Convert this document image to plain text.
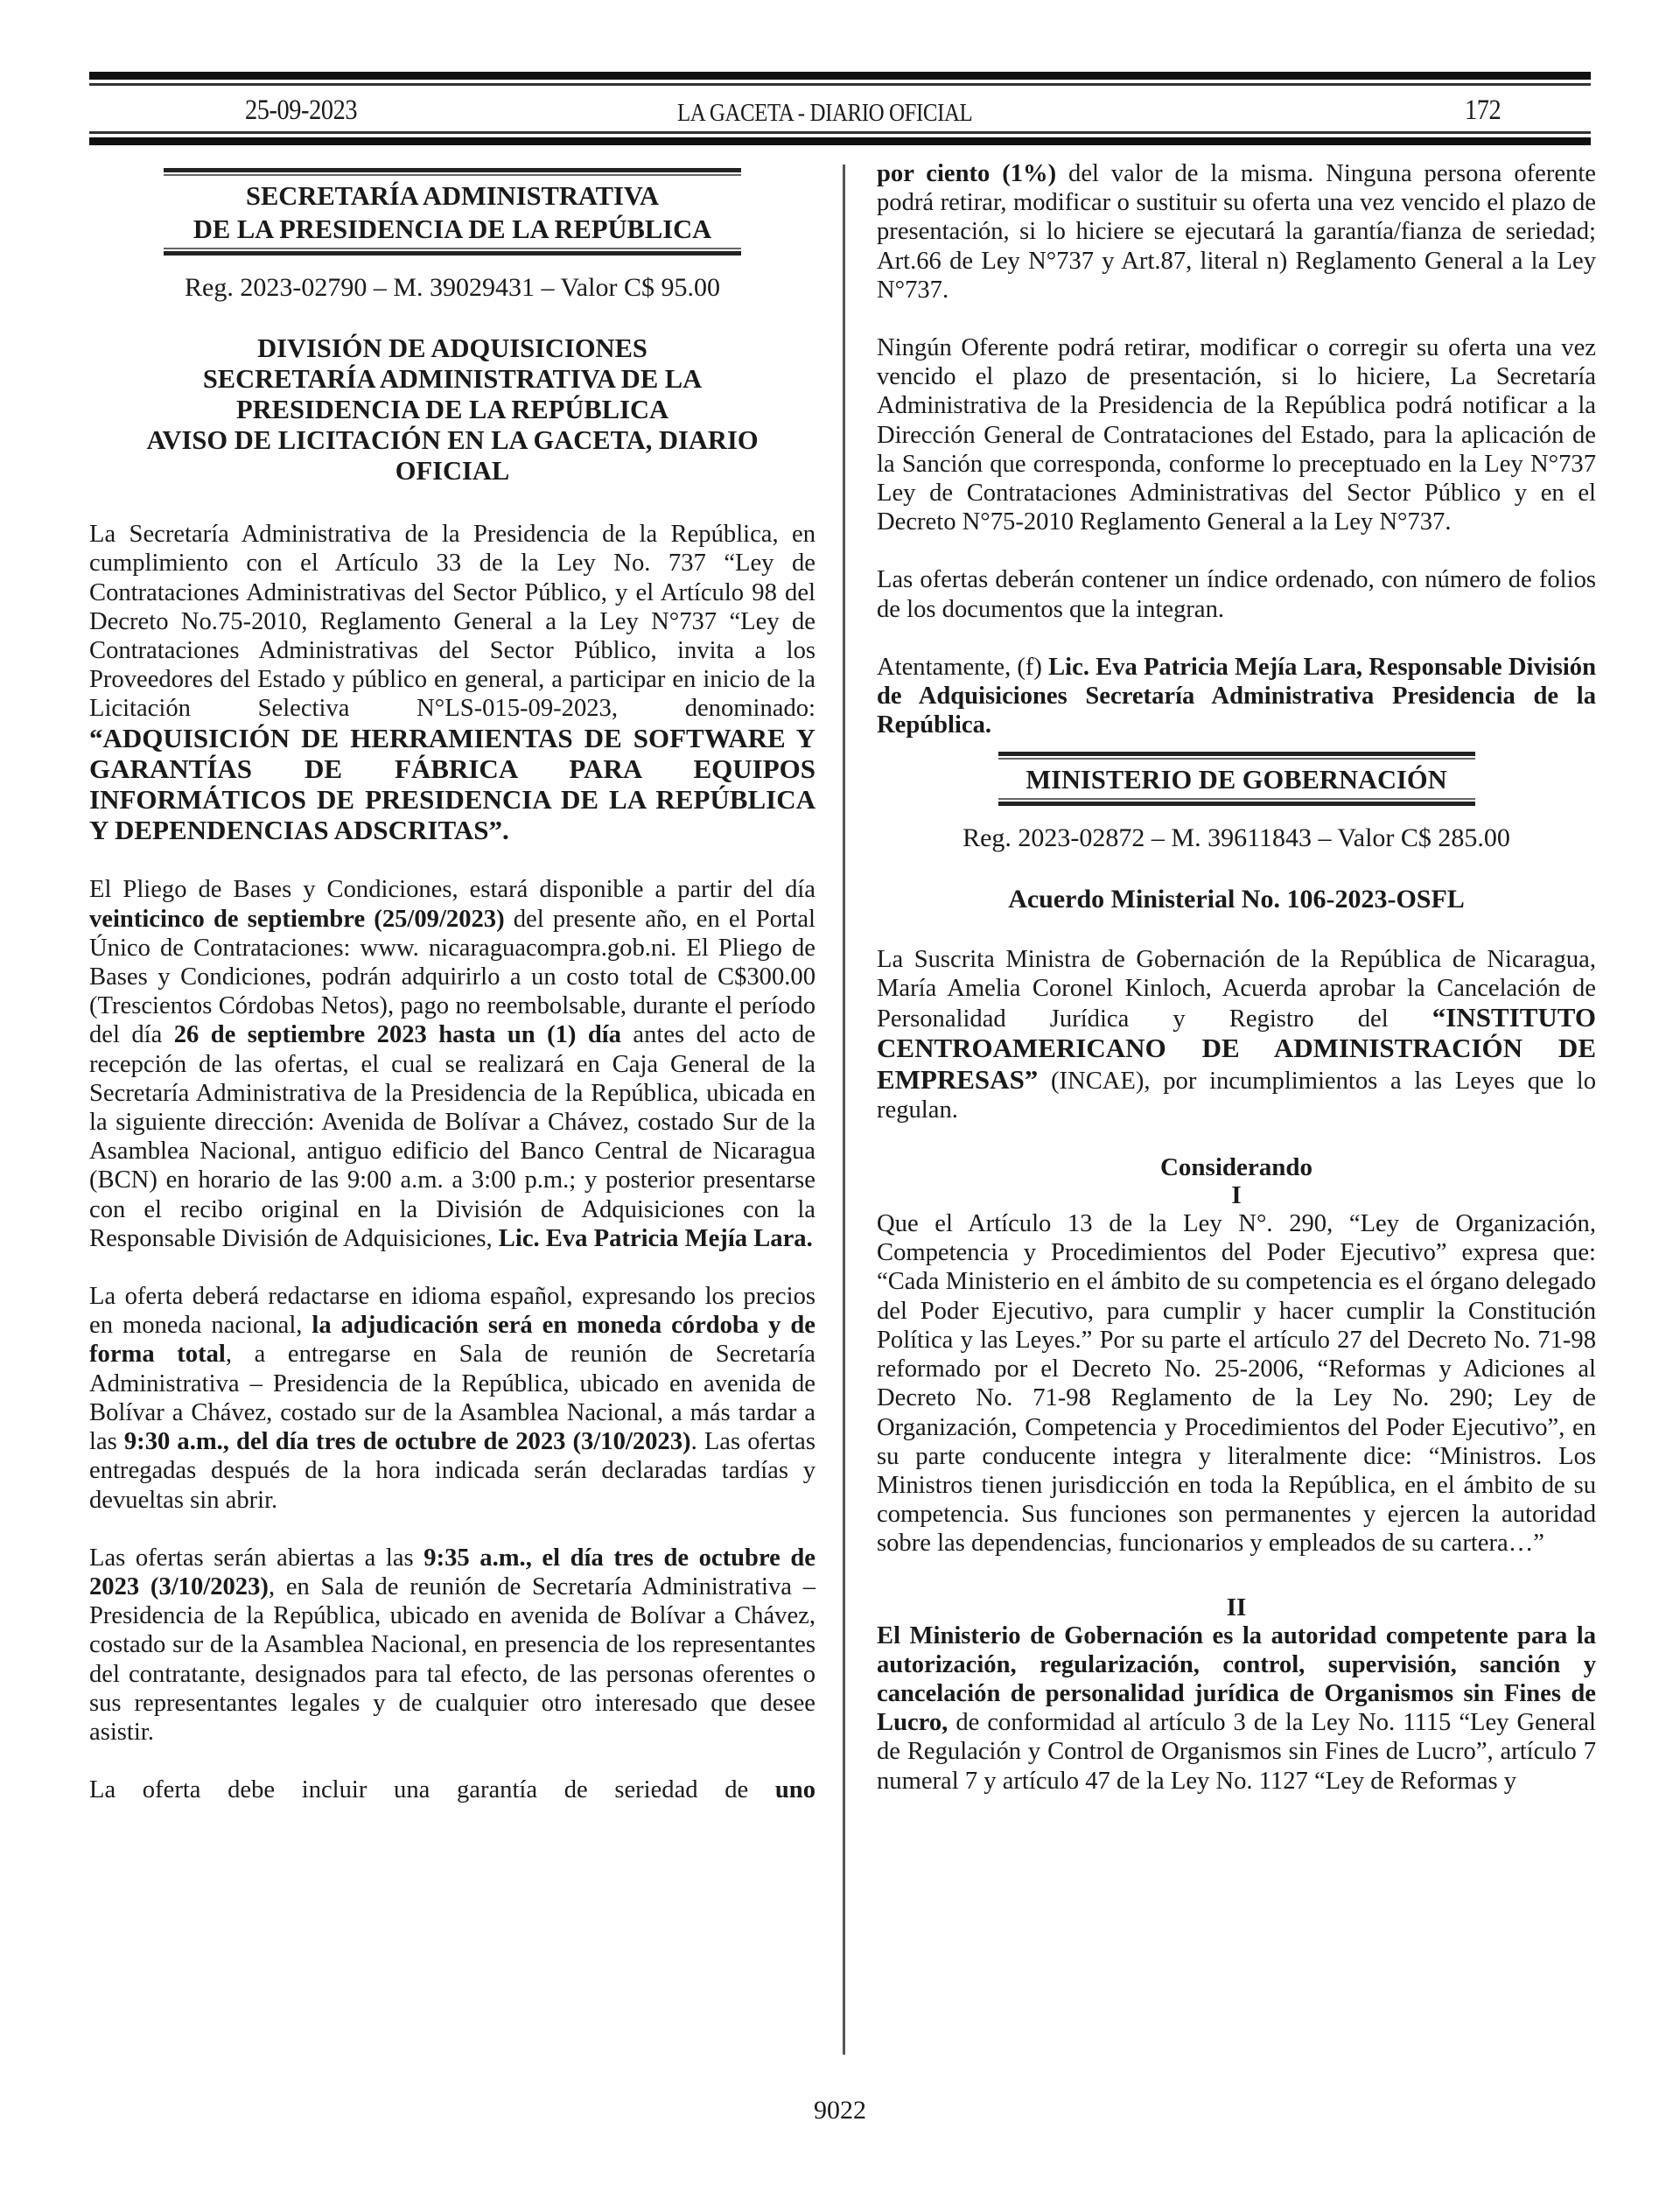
25-09-2023	LA GACETA - DIARIO OFICIAL	172
SECRETARÍA ADMINISTRATIVA
DE LA PRESIDENCIA DE LA REPÚBLICA
Reg. 2023-02790 – M. 39029431 – Valor C$ 95.00
DIVISIÓN DE ADQUISICIONES
SECRETARÍA ADMINISTRATIVA DE LA
PRESIDENCIA DE LA REPÚBLICA
AVISO DE LICITACIÓN EN LA GACETA, DIARIO
OFICIAL

La Secretaría Administrativa de la Presidencia de la República, en cumplimiento con el Artículo 33 de la Ley No. 737 “Ley de Contrataciones Administrativas del Sector Público, y el Artículo 98 del Decreto No.75-2010, Reglamento General a la Ley N°737 “Ley de Contrataciones Administrativas del Sector Público, invita a los Proveedores del Estado y público en general, a participar en inicio de la Licitación Selectiva N°LS-015-09-2023, denominado: “ADQUISICIÓN DE HERRAMIENTAS DE SOFTWARE Y GARANTÍAS DE FÁBRICA PARA EQUIPOS INFORMÁTICOS DE PRESIDENCIA DE LA REPÚBLICA Y DEPENDENCIAS ADSCRITAS”.

El Pliego de Bases y Condiciones, estará disponible a partir del día veinticinco de septiembre (25/09/2023) del presente año, en el Portal Único de Contrataciones: www. nicaraguacompra.gob.ni. El Pliego de Bases y Condiciones, podrán adquirirlo a un costo total de C$300.00 (Trescientos Córdobas Netos), pago no reembolsable, durante el período del día 26 de septiembre 2023 hasta un (1) día antes del acto de recepción de las ofertas, el cual se realizará en Caja General de la Secretaría Administrativa de la Presidencia de la República, ubicada en la siguiente dirección: Avenida de Bolívar a Chávez, costado Sur de la Asamblea Nacional, antiguo edificio del Banco Central de Nicaragua (BCN) en horario de las 9:00 a.m. a 3:00 p.m.; y posterior presentarse con el recibo original en la División de Adquisiciones con la Responsable División de Adquisiciones, Lic. Eva Patricia Mejía Lara.

La oferta deberá redactarse en idioma español, expresando los precios en moneda nacional, la adjudicación será en moneda córdoba y de forma total, a entregarse en Sala de reunión de Secretaría Administrativa – Presidencia de la República, ubicado en avenida de Bolívar a Chávez, costado sur de la Asamblea Nacional, a más tardar a las 9:30 a.m., del día tres de octubre de 2023 (3/10/2023). Las ofertas entregadas después de la hora indicada serán declaradas tardías y devueltas sin abrir.

Las ofertas serán abiertas a las 9:35 a.m., el día tres de octubre de 2023 (3/10/2023), en Sala de reunión de Secretaría Administrativa – Presidencia de la República, ubicado en avenida de Bolívar a Chávez, costado sur de la Asamblea Nacional, en presencia de los representantes del contratante, designados para tal efecto, de las personas oferentes o sus representantes legales y de cualquier otro interesado que desee asistir.

La oferta debe incluir una garantía de seriedad de uno

por ciento (1%) del valor de la misma. Ninguna persona oferente podrá retirar, modificar o sustituir su oferta una vez vencido el plazo de presentación, si lo hiciere se ejecutará la garantía/fianza de seriedad; Art.66 de Ley N°737 y Art.87, literal n) Reglamento General a la Ley N°737.

Ningún Oferente podrá retirar, modificar o corregir su oferta una vez vencido el plazo de presentación, si lo hiciere, La Secretaría Administrativa de la Presidencia de la República podrá notificar a la Dirección General de Contrataciones del Estado, para la aplicación de la Sanción que corresponda, conforme lo preceptuado en la Ley N°737 Ley de Contrataciones Administrativas del Sector Público y en el Decreto N°75-2010 Reglamento General a la Ley N°737.

Las ofertas deberán contener un índice ordenado, con número de folios de los documentos que la integran.

Atentamente, (f) Lic. Eva Patricia Mejía Lara, Responsable División de Adquisiciones Secretaría Administrativa Presidencia de la República.

MINISTERIO DE GOBERNACIÓN
Reg. 2023-02872 – M. 39611843 – Valor C$ 285.00
Acuerdo Ministerial No. 106-2023-OSFL

La Suscrita Ministra de Gobernación de la República de Nicaragua, María Amelia Coronel Kinloch, Acuerda aprobar la Cancelación de Personalidad Jurídica y Registro del “INSTITUTO CENTROAMERICANO DE ADMINISTRACIÓN DE EMPRESAS” (INCAE), por incumplimientos a las Leyes que lo regulan.

Considerando
I

Que el Artículo 13 de la Ley N°. 290, “Ley de Organización, Competencia y Procedimientos del Poder Ejecutivo” expresa que: “Cada Ministerio en el ámbito de su competencia es el órgano delegado del Poder Ejecutivo, para cumplir y hacer cumplir la Constitución Política y las Leyes.” Por su parte el artículo 27 del Decreto No. 71-98 reformado por el Decreto No. 25-2006, “Reformas y Adiciones al Decreto No. 71-98 Reglamento de la Ley No. 290; Ley de Organización, Competencia y Procedimientos del Poder Ejecutivo”, en su parte conducente integra y literalmente dice: “Ministros. Los Ministros tienen jurisdicción en toda la República, en el ámbito de su competencia. Sus funciones son permanentes y ejercen la autoridad sobre las dependencias, funcionarios y empleados de su cartera…”

II

El Ministerio de Gobernación es la autoridad competente para la autorización, regularización, control, supervisión, sanción y cancelación de personalidad jurídica de Organismos sin Fines de Lucro, de conformidad al artículo 3 de la Ley No. 1115 “Ley General de Regulación y Control de Organismos sin Fines de Lucro”, artículo 7 numeral 7 y artículo 47 de la Ley No. 1127 “Ley de Reformas y

9022
